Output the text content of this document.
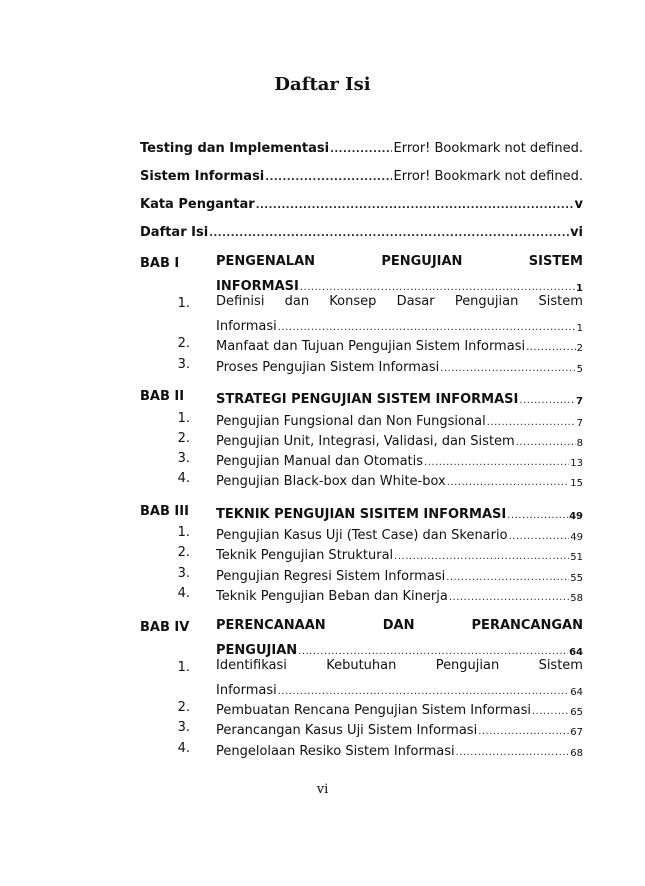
Daftar Isi
Testing dan Implementasi .....	Error! Bookmark not defined.
Sistem Informasi .....	Error! Bookmark not defined.
Kata Pengantar .....	v
Daftar Isi .....	vi
BAB I	PENGENALAN	PENGUJIAN	SISTEM
INFORMASI .....	1
1. Definisi dan Konsep Dasar Pengujian Sistem
Informasi .....	1
2. Manfaat dan Tujuan Pengujian Sistem Informasi .....	2
3. Proses Pengujian Sistem Informasi .....	5
BAB II STRATEGI PENGUJIAN SISTEM INFORMASI .....	7
1. Pengujian Fungsional dan Non Fungsional .....	7
2. Pengujian Unit, Integrasi, Validasi, dan Sistem .....	8
3. Pengujian Manual dan Otomatis .....	13
4. Pengujian Black-box dan White-box .....	15
BAB III TEKNIK PENGUJIAN SISITEM INFORMASI .....	49
1. Pengujian Kasus Uji (Test Case) dan Skenario .....	49
2. Teknik Pengujian Struktural .....	51
3. Pengujian Regresi Sistem Informasi .....	55
4. Teknik Pengujian Beban dan Kinerja .....	58
BAB IV PERENCANAAN	DAN	PERANCANGAN
PENGUJIAN .....	64
1. Identifikasi	Kebutuhan	Pengujian	Sistem
Informasi .....	64
2. Pembuatan Rencana Pengujian Sistem Informasi .....	65
3. Perancangan Kasus Uji Sistem Informasi .....	67
4. Pengelolaan Resiko Sistem Informasi .....	68
vi
